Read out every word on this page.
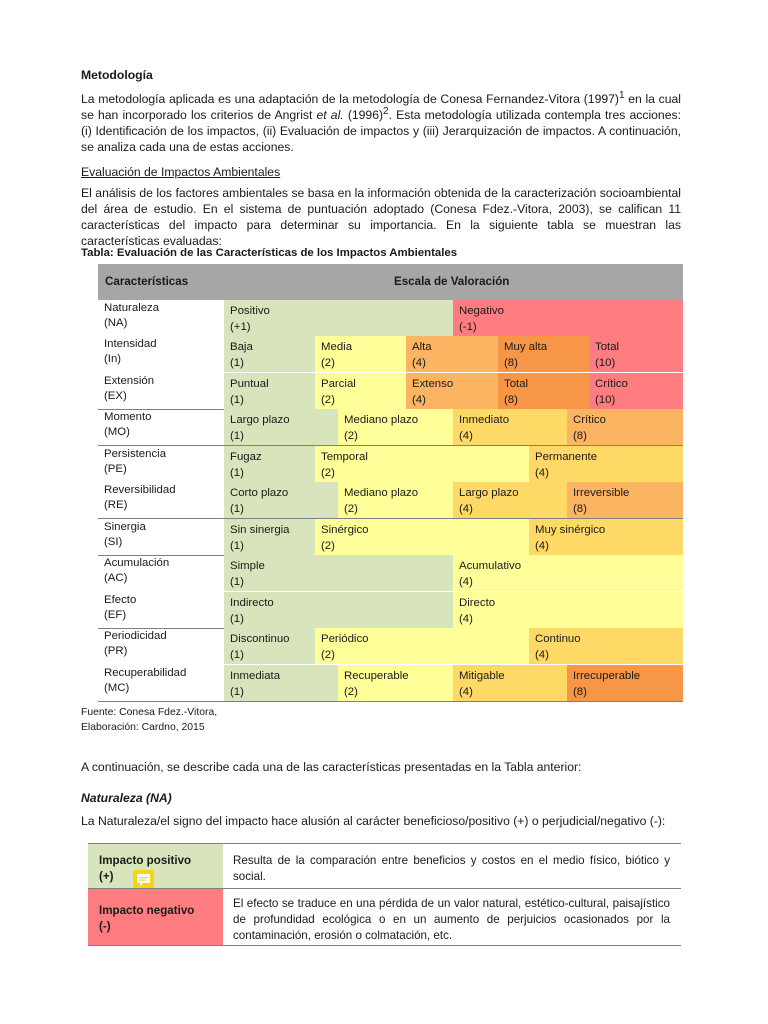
Metodología

La metodología aplicada es una adaptación de la metodología de Conesa Fernandez-Vitora $(1997)^1$ en la cual se han incorporado los criterios de Angrist et al. $(1996)^2$. Esta metodología utilizada contempla tres acciones: (i) Identificación de los impactos, (ii) Evaluación de impactos y (iii) Jerarquización de impactos. A continuación, se analiza cada una de estas acciones.

Evaluación de Impactos Ambientales

El análisis de los factores ambientales se basa en la información obtenida de la caracterización socioambiental del área de estudio. En el sistema de puntuación adoptado (Conesa Fdez.-Vitora, 2003), se califican 11 características del impacto para determinar su importancia. En la siguiente tabla se muestran las características evaluadas:

Tabla: Evaluación de las Características de los Impactos Ambientales

Características	Escala de Valoración
Naturaleza
(NA)
Positivo
(+1)
Negativo
(-1)
Intensidad
(In)
Baja
(1)
Media
(2)
Alta
(4)
Muy alta
(8)
Total
(10)
Extensión
(EX)
Puntual
(1)
Parcial
(2)
Extenso
(4)
Total
(8)
Crítico
(10)
Momento
(MO)
Largo plazo
(1)
Mediano plazo
(2)
Inmediato
(4)
Crítico
(8)
Persistencia
(PE)
Fugaz
(1)
Temporal
(2)
Permanente
(4)
Reversibilidad
(RE)
Corto plazo
(1)
Mediano plazo
(2)
Largo plazo
(4)
Irreversible
(8)
Sinergia
(SI)
Sin sinergia
(1)
Sinérgico
(2)
Muy sinérgico
(4)
Acumulación
(AC)
Simple
(1)
Acumulativo
(4)
Efecto
(EF)
Indirecto
(1)
Directo
(4)
Periodicidad
(PR)
Discontinuo
(1)
Periódico
(2)
Continuo
(4)
Recuperabilidad
(MC)
Inmediata
(1)
Recuperable
(2)
Mitigable
(4)
Irrecuperable
(8)

Fuente: Conesa Fdez.-Vitora,

Elaboración: Cardno, 2015

A continuación, se describe cada una de las características presentadas en la Tabla anterior:

Naturaleza (NA)

La Naturaleza/el signo del impacto hace alusión al carácter beneficioso/positivo (+) o perjudicial/negativo (-):

Impacto positivo
(+)
Resulta de la comparación entre beneficios y costos en el medio físico, biótico y social.
Impacto negativo
(-)
El efecto se traduce en una pérdida de un valor natural, estético-cultural, paisajístico de profundidad ecológica o en un aumento de perjuicios ocasionados por la contaminación, erosión o colmatación, etc.
